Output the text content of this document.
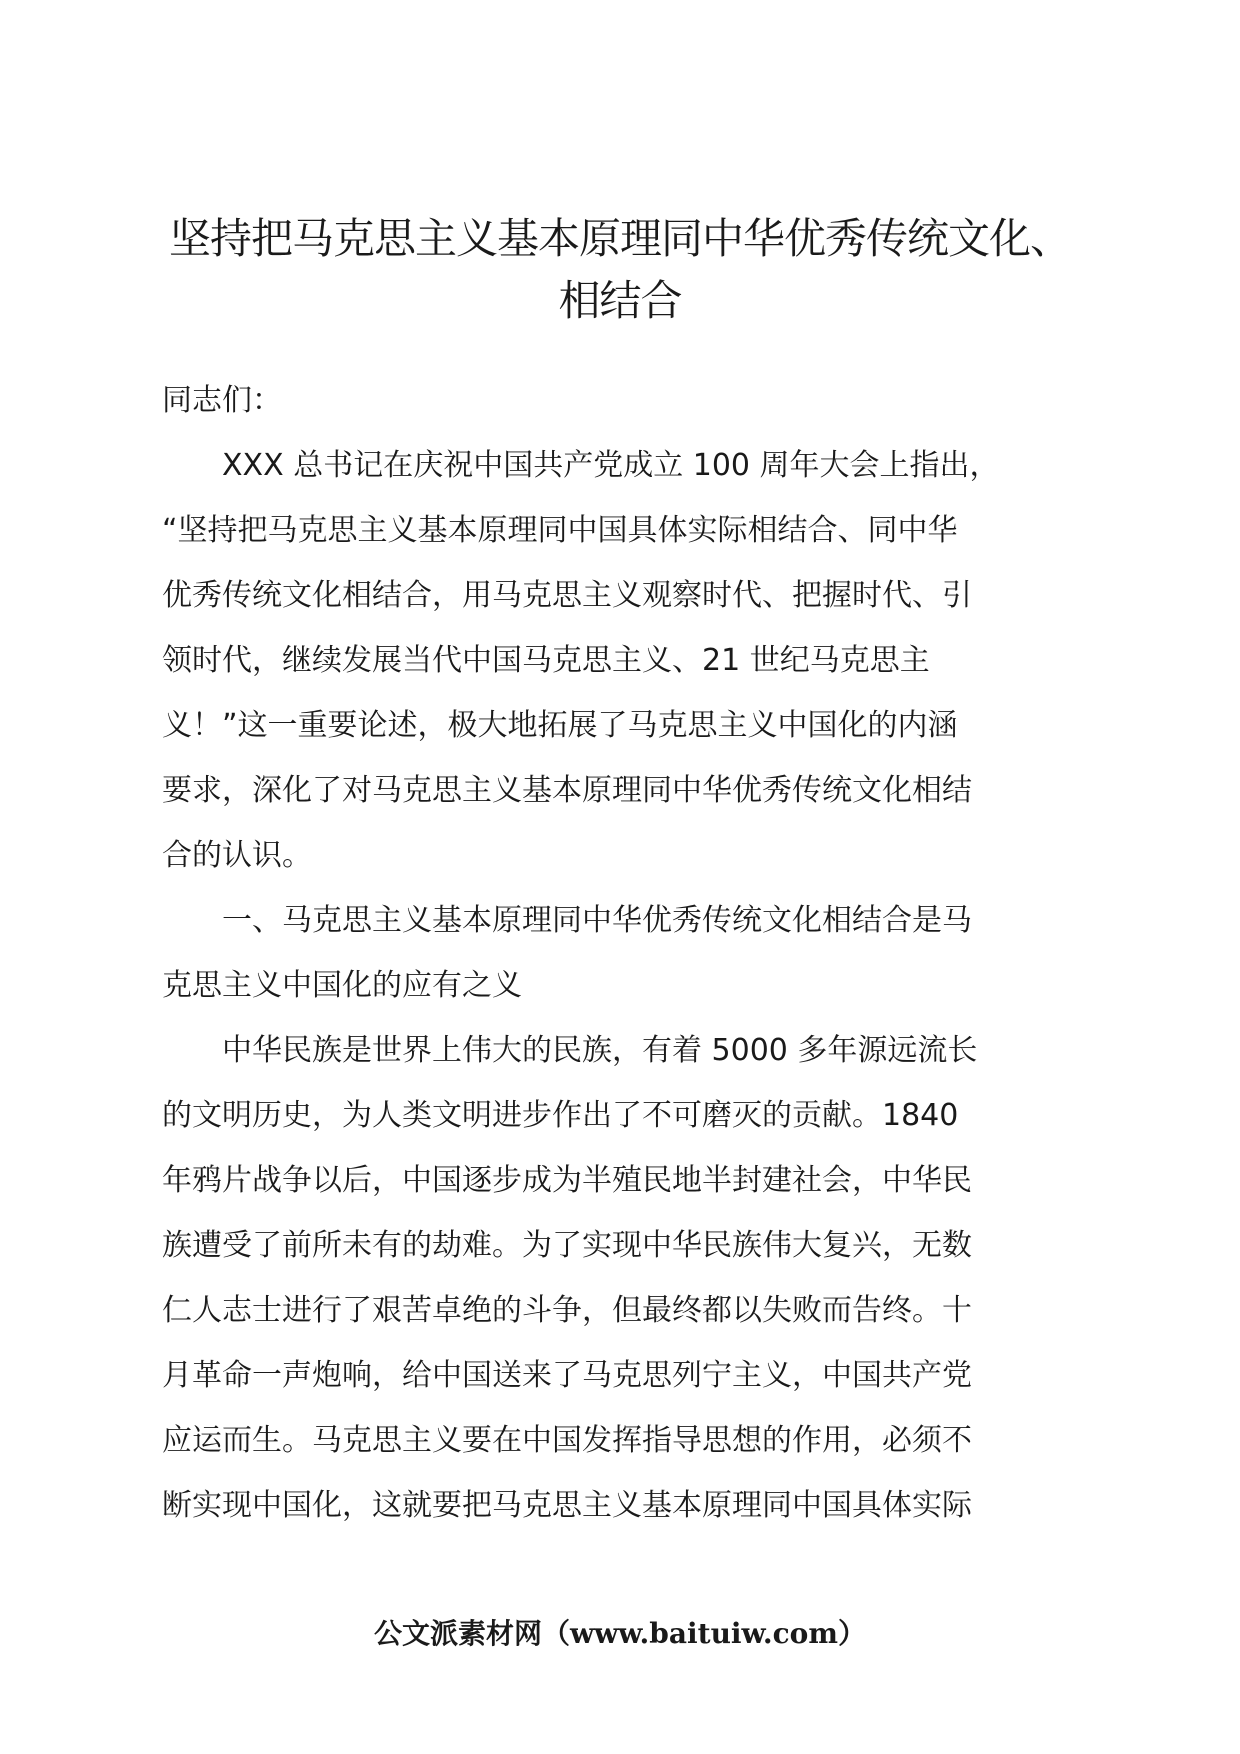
坚持把马克思主义基本原理同中华优秀传统文化、
相结合

同志们：

XXX 总书记在庆祝中国共产党成立 100 周年大会上指出，
“坚持把马克思主义基本原理同中国具体实际相结合、同中华
优秀传统文化相结合，用马克思主义观察时代、把握时代、引
领时代，继续发展当代中国马克思主义、21 世纪马克思主
义！”这一重要论述，极大地拓展了马克思主义中国化的内涵
要求，深化了对马克思主义基本原理同中华优秀传统文化相结
合的认识。

一、马克思主义基本原理同中华优秀传统文化相结合是马
克思主义中国化的应有之义

中华民族是世界上伟大的民族，有着 5000 多年源远流长
的文明历史，为人类文明进步作出了不可磨灭的贡献。1840
年鸦片战争以后，中国逐步成为半殖民地半封建社会，中华民
族遭受了前所未有的劫难。为了实现中华民族伟大复兴，无数
仁人志士进行了艰苦卓绝的斗争，但最终都以失败而告终。十
月革命一声炮响，给中国送来了马克思列宁主义，中国共产党
应运而生。马克思主义要在中国发挥指导思想的作用，必须不
断实现中国化，这就要把马克思主义基本原理同中国具体实际

公文派素材网（www.baituiw.com）
